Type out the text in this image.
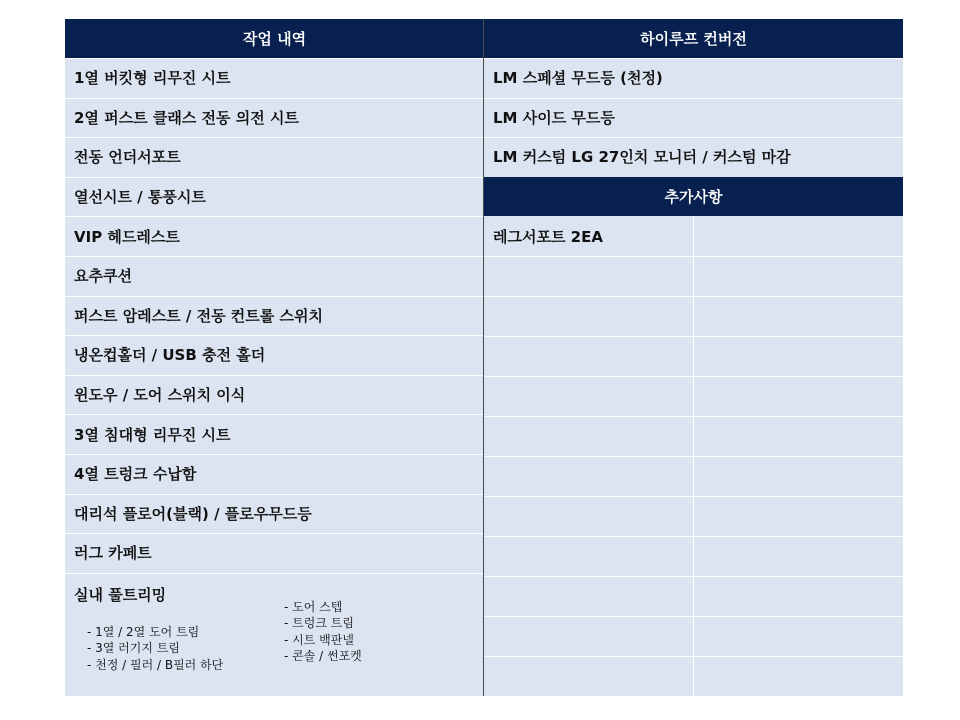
작업 내역	하이루프 컨버전
1열 버킷형 리무진 시트
2열 퍼스트 클래스 전동 의전 시트
전동 언더서포트
열선시트 / 통풍시트
VIP 헤드레스트
요추쿠션
퍼스트 암레스트 / 전동 컨트롤 스위치
냉온컵홀더 / USB 충전 홀더
윈도우 / 도어 스위치 이식
3열 침대형 리무진 시트
4열 트렁크 수납함
대리석 플로어(블랙) / 플로우무드등
러그 카페트
실내 풀트리밍
- 1열 / 2열 도어 트림
- 3열 러기지 트림
- 천정 / 필러 / B필러 하단
- 도어 스텝
- 트렁크 트림
- 시트 백판넬
- 콘솔 / 썬포켓
LM 스페셜 무드등 (천정)
LM 사이드 무드등
LM 커스텀 LG 27인치 모니터 / 커스텀 마감
추가사항
레그서포트 2EA
